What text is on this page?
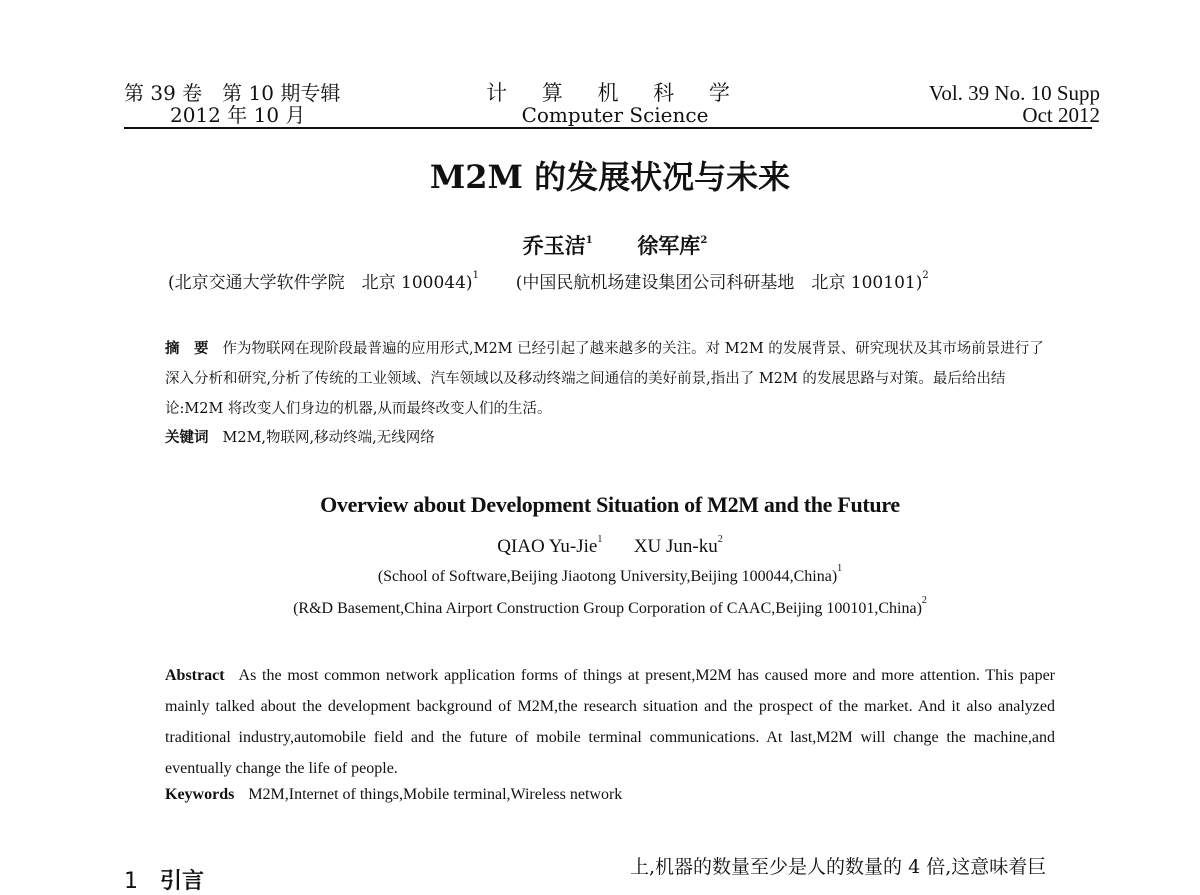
第 39 卷　第 10 期专辑
2012 年 10 月
计 算 机 科 学
Computer Science
Vol. 39 No. 10 Supp
Oct 2012
M2M 的发展状况与未来
乔玉洁$^1$ 徐军库$^2$
(北京交通大学软件学院　北京 100044)$^1$ (中国民航机场建设集团公司科研基地　北京 100101)$^2$
摘　要 作为物联网在现阶段最普遍的应用形式,M2M 已经引起了越来越多的关注。对 M2M 的发展背景、研究现状及其市场前景进行了深入分析和研究,分析了传统的工业领域、汽车领域以及移动终端之间通信的美好前景,指出了 M2M 的发展思路与对策。最后给出结论:M2M 将改变人们身边的机器,从而最终改变人们的生活。
关键词 M2M,物联网,移动终端,无线网络
Overview about Development Situation of M2M and the Future
QIAO Yu-Jie$^1$ XU Jun-$ku^2$
(School of Software,Beijing Jiaotong University,Beijing 100044,China)$^1$
(R&D Basement,China Airport Construction Group Corporation of CAAC,Beijing 100101,China)$^2$
Abstract As the most common network application forms of things at present,M2M has caused more and more attention. This paper mainly talked about the development background of M2M,the research situation and the prospect of the market. And it also analyzed traditional industry,automobile field and the future of mobile terminal communications. At last,M2M will change the machine,and eventually change the life of people.
Keywords M2M,Internet of things,Mobile terminal,Wireless network
1 引言
上,机器的数量至少是人的数量的 4 倍,这意味着巨
